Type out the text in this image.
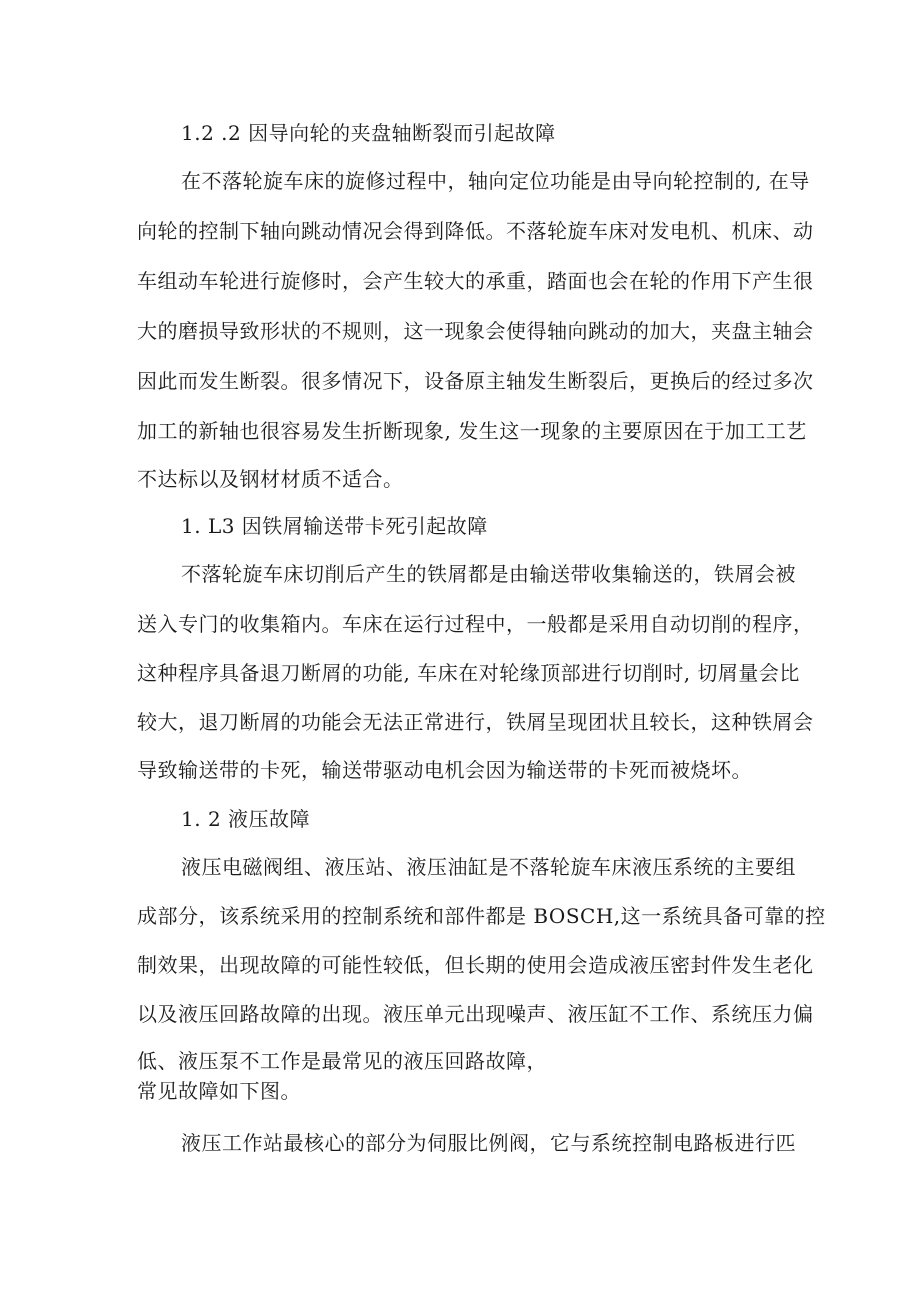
1.2 .2 因导向轮的夹盘轴断裂而引起故障
在不落轮旋车床的旋修过程中，轴向定位功能是由导向轮控制的, 在导
向轮的控制下轴向跳动情况会得到降低。不落轮旋车床对发电机、机床、动
车组动车轮进行旋修时，会产生较大的承重，踏面也会在轮的作用下产生很
大的磨损导致形状的不规则，这一现象会使得轴向跳动的加大，夹盘主轴会
因此而发生断裂。很多情况下，设备原主轴发生断裂后，更换后的经过多次
加工的新轴也很容易发生折断现象, 发生这一现象的主要原因在于加工工艺
不达标以及钢材材质不适合。
1. L3 因铁屑输送带卡死引起故障
不落轮旋车床切削后产生的铁屑都是由输送带收集输送的，铁屑会被
送入专门的收集箱内。车床在运行过程中，一般都是采用自动切削的程序，
这种程序具备退刀断屑的功能, 车床在对轮缘顶部进行切削时, 切屑量会比
较大，退刀断屑的功能会无法正常进行，铁屑呈现团状且较长，这种铁屑会
导致输送带的卡死，输送带驱动电机会因为输送带的卡死而被烧坏。
1. 2 液压故障
液压电磁阀组、液压站、液压油缸是不落轮旋车床液压系统的主要组
成部分，该系统采用的控制系统和部件都是 BOSCH,这一系统具备可靠的控
制效果，出现故障的可能性较低，但长期的使用会造成液压密封件发生老化
以及液压回路故障的出现。液压单元出现噪声、液压缸不工作、系统压力偏
低、液压泵不工作是最常见的液压回路故障，
常见故障如下图。
液压工作站最核心的部分为伺服比例阀，它与系统控制电路板进行匹
